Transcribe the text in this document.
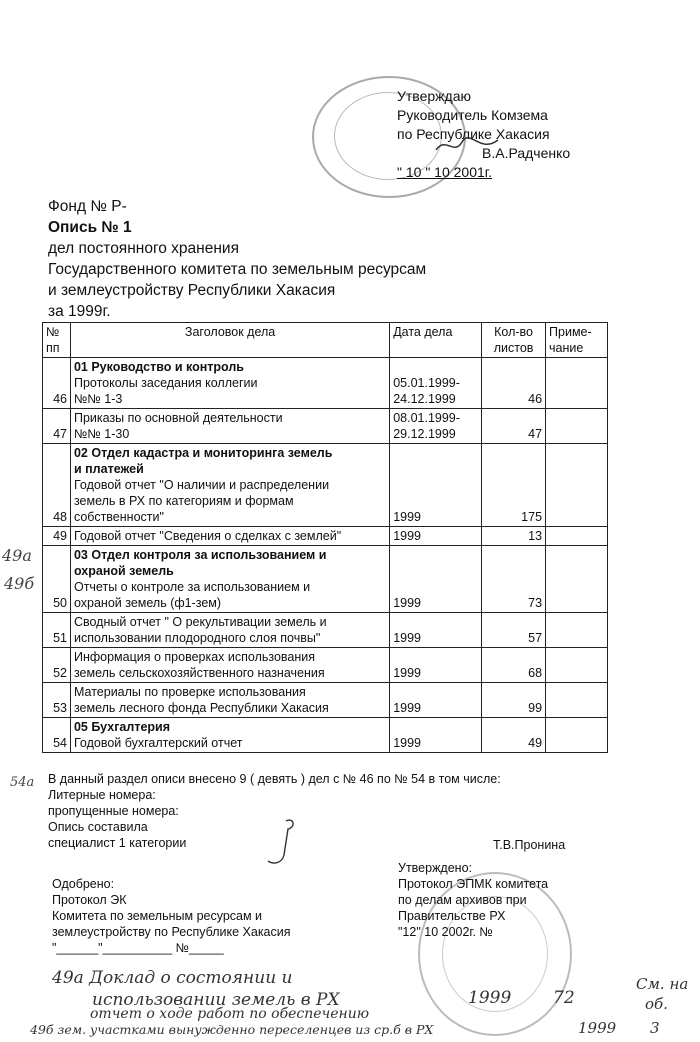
Утверждаю
Руководитель Комзема
по Республике Хакасия
В.А.Радченко
" 10 " 10 2001г.
Фонд № Р-
Опись № 1
дел постоянного хранения
Государственного комитета по земельным ресурсам
и землеустройству Республики Хакасия
за 1999г.
№
пп	Заголовок дела	Дата дела	Кол-во
листов	Приме-
чание
46	01 Руководство и контроль
Протоколы заседания коллегии
№№ 1-3	05.01.1999-
24.12.1999	46	
47	Приказы по основной деятельности
№№ 1-30	08.01.1999-
29.12.1999	47	
48	02 Отдел кадастра и мониторинга земель
и платежей
Годовой отчет "О наличии и распределении
земель в РХ по категориям и формам
собственности"	1999	175	
49	Годовой отчет "Сведения о сделках с землей"	1999	13	
50	03 Отдел контроля за использованием и
охраной земель
Отчеты о контроле за использованием и
охраной земель (ф1-зем)	1999	73	
51	Сводный отчет " О рекультивации земель и
использовании плодородного слоя почвы"	1999	57	
52	Информация о проверках использования
земель сельскохозяйственного назначения	1999	68	
53	Материалы по проверке использования
земель лесного фонда Республики Хакасия	1999	99	
54	05 Бухгалтерия
Годовой бухгалтерский отчет	1999	49	
В данный раздел описи внесено 9 ( девять ) дел с № 46 по № 54 в том числе:
Литерные номера:
пропущенные номера:
Опись составила
специалист 1 категории	Т.В.Пронина
Одобрено:
Протокол ЭК
Комитета по земельным ресурсам и
землеустройству по Республике Хакасия
"______"__________ №_____
Утверждено:
Протокол ЭПМК комитета
по делам архивов при
Правительстве РХ
"12" 10 2002г. №
49а
49б
54а
49а Доклад о состоянии и
использовании земель в РХ	1999 72
отчет о ходе работ по обеспечению
49б зем. участками вынужденно переселенцев из ср.б в РХ	1999 3
См. на
об.
